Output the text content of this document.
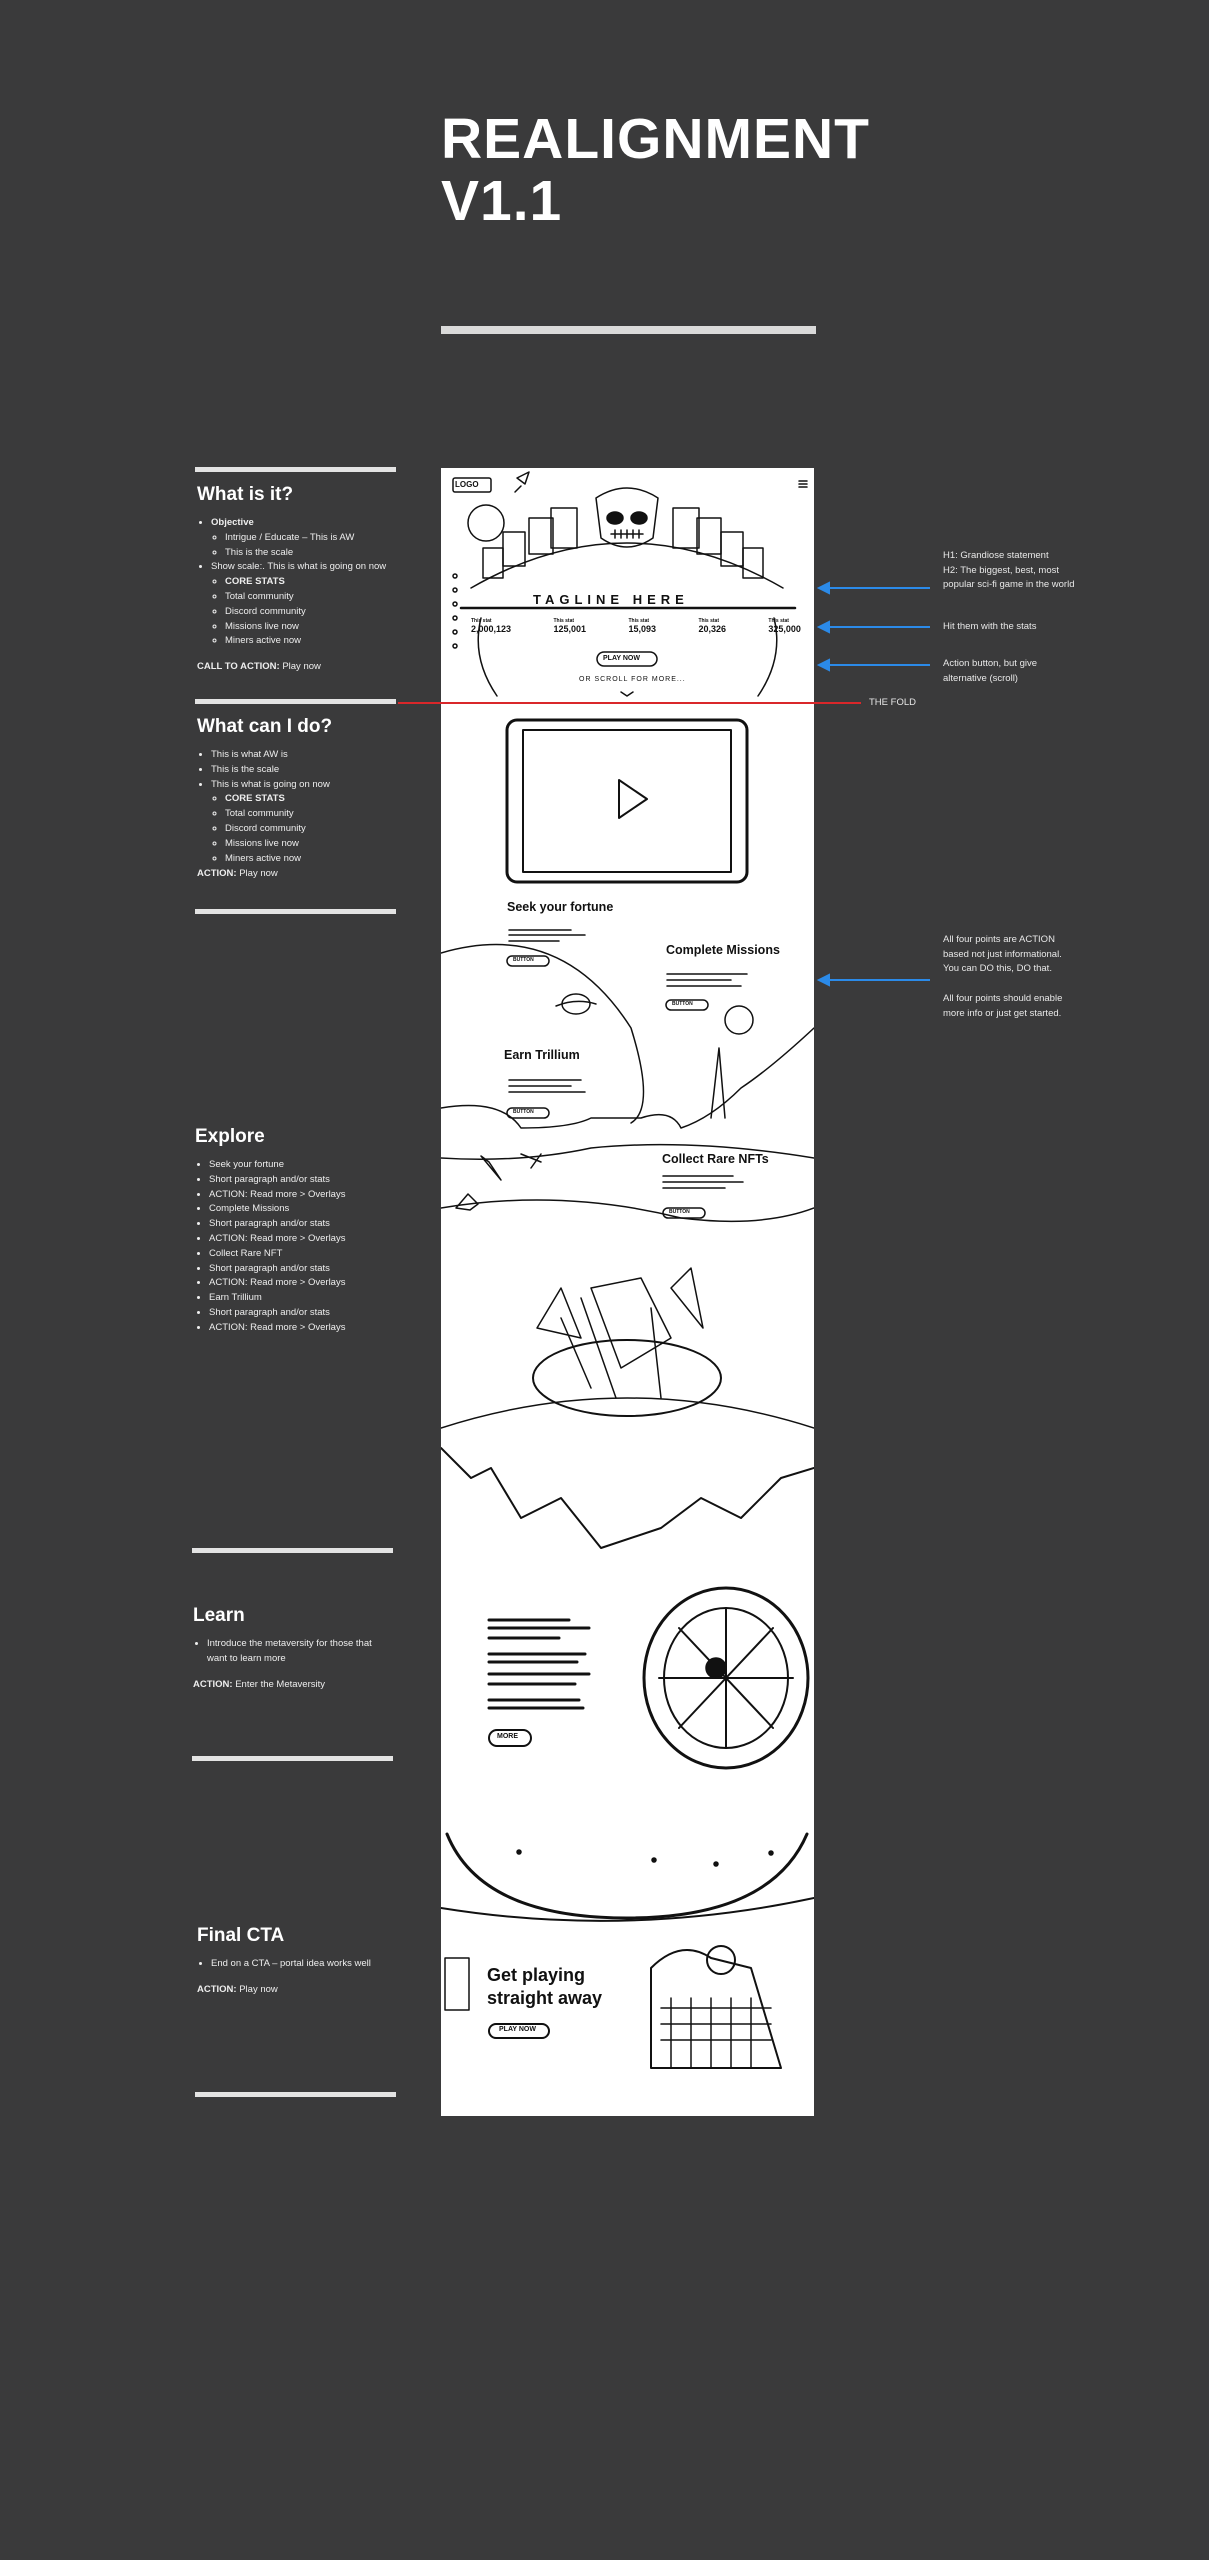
REALIGNMENT
V1.1
What is it?
• Objective
◦ Intrigue / Educate – This is AW
◦ This is the scale
• Show scale:. This is what is going on now
◦ CORE STATS
◦ Total community
◦ Discord community
◦ Missions live now
◦ Miners active now
CALL TO ACTION: Play now
What can I do?
• This is what AW is
• This is the scale
• This is what is going on now
◦ CORE STATS
◦ Total community
◦ Discord community
◦ Missions live now
◦ Miners active now
ACTION: Play now
Explore
• Seek your fortune
• Short paragraph and/or stats
• ACTION: Read more > Overlays
• Complete Missions
• Short paragraph and/or stats
• ACTION: Read more > Overlays
• Collect Rare NFT
• Short paragraph and/or stats
• ACTION: Read more > Overlays
• Earn Trillium
• Short paragraph and/or stats
• ACTION: Read more > Overlays
Learn
• Introduce the metaversity for those that want to learn more
ACTION: Enter the Metaversity
Final CTA
• End on a CTA – portal idea works well
ACTION: Play now
LOGO
TAGLINE HERE
This stat
2,000,123
This stat
125,001
This stat
15,093
This stat
20,326
This stat
325,000
PLAY NOW
OR SCROLL FOR MORE...
Seek your fortune
Complete Missions
Earn Trillium
Collect Rare NFTs
BUTTON
BUTTON
BUTTON
BUTTON
MORE
Get playing
straight away
PLAY NOW
THE FOLD
H1: Grandiose statement
H2: The biggest, best, most popular sci-fi game in the world
Hit them with the stats
Action button, but give alternative (scroll)
All four points are ACTION based not just informational. You can DO this, DO that.
All four points should enable more info or just get started.
